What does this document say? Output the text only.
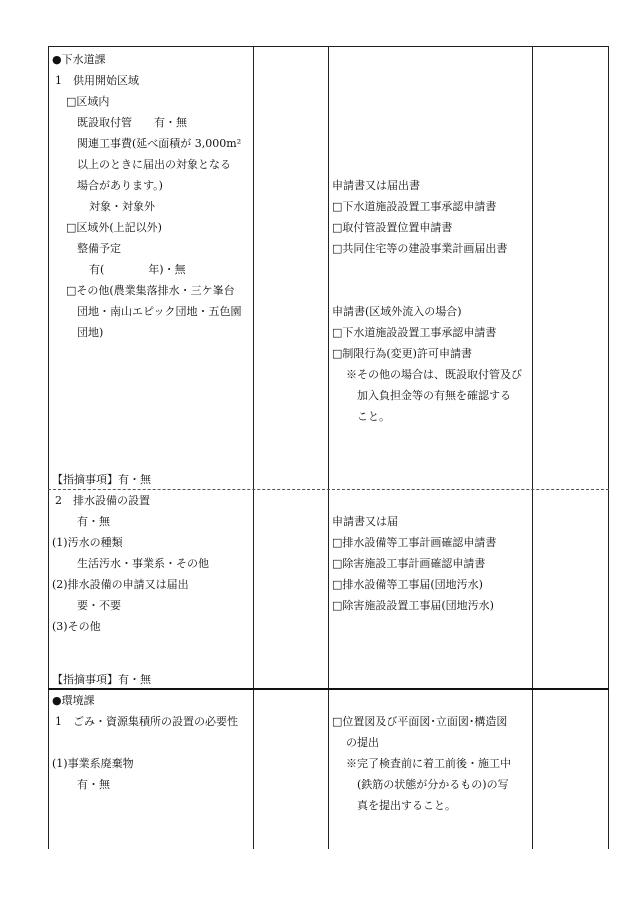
●下水道課
1　供用開始区域
□区域内
既設取付管　　有・無
関連工事費(延べ面積が 3,000m²
以上のときに届出の対象となる
場合があります。)
対象・対象外
□区域外(上記以外)
整備予定
有(　　　　年)・無
□その他(農業集落排水・三ケ峯台
団地・南山エピック団地・五色園
団地)
【指摘事項】有・無
申請書又は届出書
□下水道施設設置工事承認申請書
□取付管設置位置申請書
□共同住宅等の建設事業計画届出書
申請書(区域外流入の場合)
□下水道施設設置工事承認申請書
□制限行為(変更)許可申請書
※その他の場合は、既設取付管及び
加入負担金等の有無を確認する
こと。
2　排水設備の設置
有・無
(1)汚水の種類
生活汚水・事業系・その他
(2)排水設備の申請又は届出
要・不要
(3)その他
【指摘事項】有・無
申請書又は届
□排水設備等工事計画確認申請書
□除害施設工事計画確認申請書
□排水設備等工事届(団地汚水)
□除害施設設置工事届(団地汚水)
●環境課
1　ごみ・資源集積所の設置の必要性
(1)事業系廃棄物
有・無
□位置図及び平面図･立面図･構造図
の提出
※完了検査前に着工前後・施工中
(鉄筋の状態が分かるもの)の写
真を提出すること。
